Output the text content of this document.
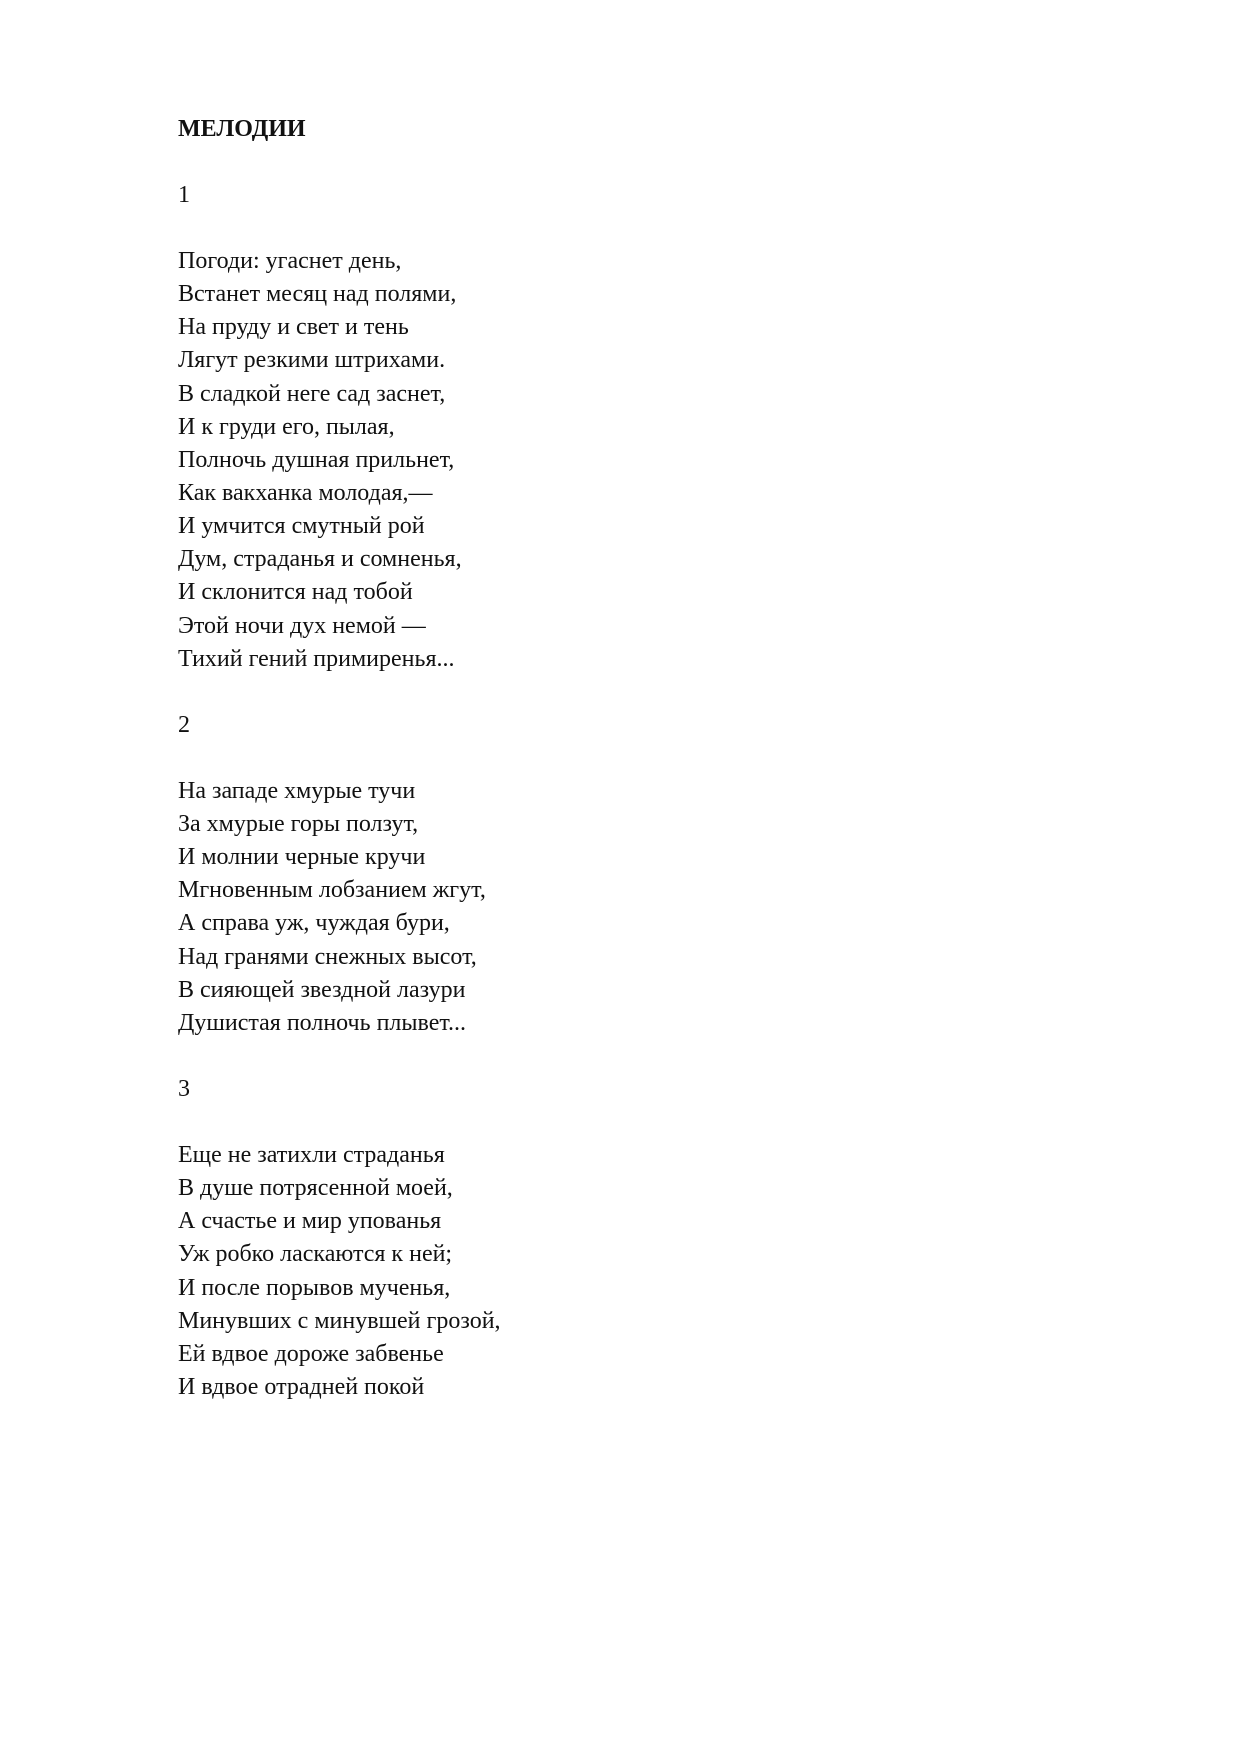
МЕЛОДИИ
1
Погоди: угаснет день,
Встанет месяц над полями,
На пруду и свет и тень
Лягут резкими штрихами.
В сладкой неге сад заснет,
И к груди его, пылая,
Полночь душная прильнет,
Как вакханка молодая,—
И умчится смутный рой
Дум, страданья и сомненья,
И склонится над тобой
Этой ночи дух немой —
Тихий гений примиренья...
2
На западе хмурые тучи
За хмурые горы ползут,
И молнии черные кручи
Мгновенным лобзанием жгут,
А справа уж, чуждая бури,
Над гранями снежных высот,
В сияющей звездной лазури
Душистая полночь плывет...
3
Еще не затихли страданья
В душе потрясенной моей,
А счастье и мир упованья
Уж робко ласкаются к ней;
И после порывов мученья,
Минувших с минувшей грозой,
Ей вдвое дороже забвенье
И вдвое отрадней покой
